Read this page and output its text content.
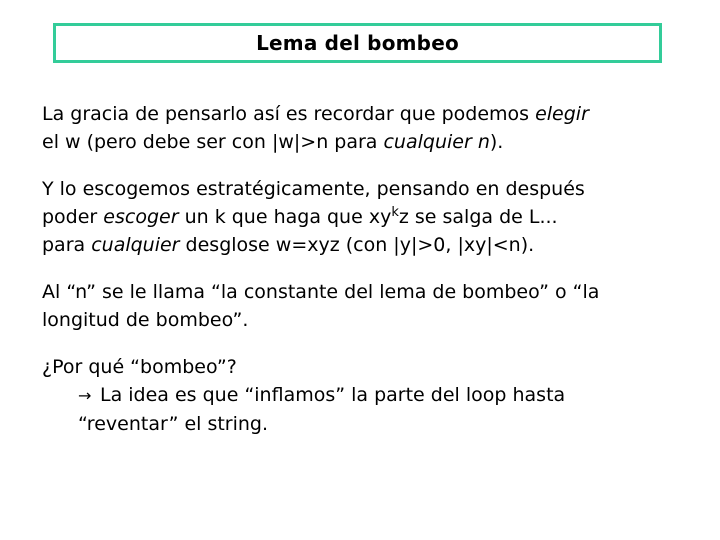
Lema del bombeo

La gracia de pensarlo así es recordar que podemos elegir

el w (pero debe ser con |w|>n para cualquier n).

Y lo escogemos estratégicamente, pensando en después

poder escoger un k que haga que $xy^kz$ se salga de L...

para cualquier desglose w=xyz (con |y|>0, |xy|<n).

Al “n” se le llama “la constante del lema de bombeo” o “la

longitud de bombeo”.

¿Por qué “bombeo”?

→ La idea es que “inflamos” la parte del loop hasta

“reventar” el string.
